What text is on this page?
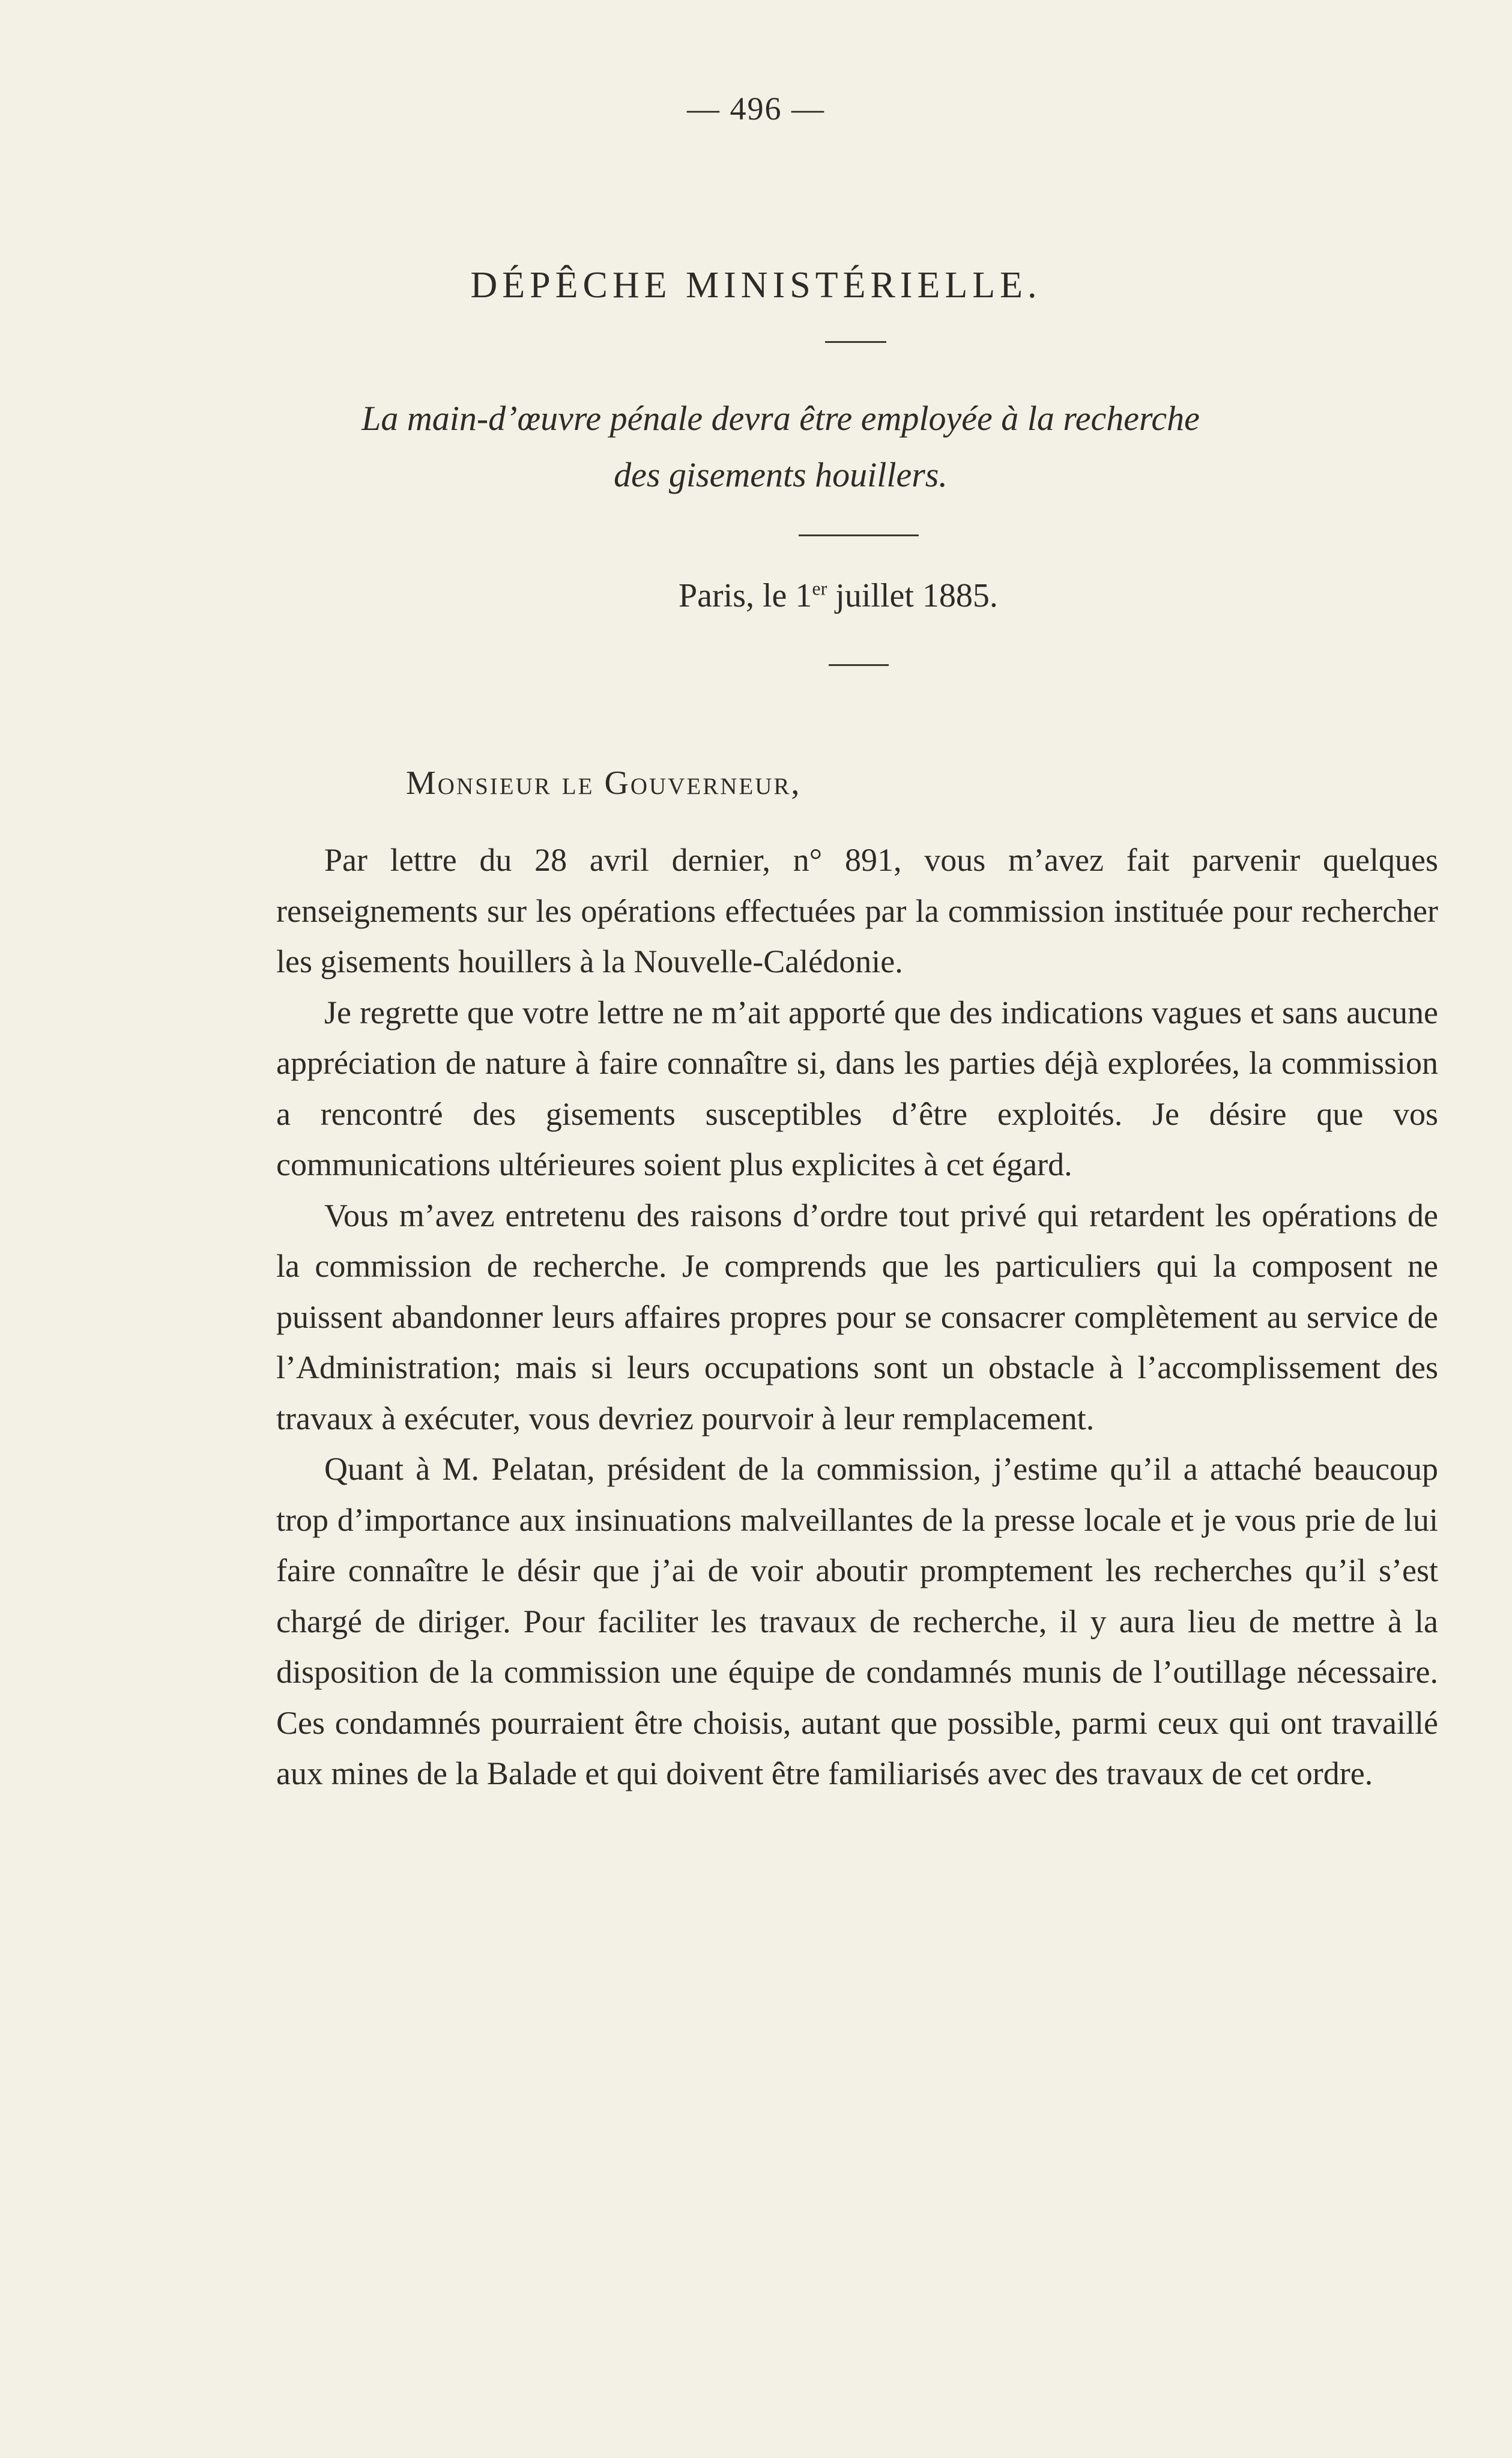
— 496 —
DÉPÊCHE MINISTÉRIELLE.
La main-d’œuvre pénale devra être employée à la recherche
des gisements houillers.
Paris, le 1er juillet 1885.
Monsieur le Gouverneur,

Par lettre du 28 avril dernier, n° 891, vous m’avez fait parvenir quelques renseignements sur les opérations effectuées par la commission instituée pour rechercher les gisements houillers à la Nouvelle-Calédonie.

Je regrette que votre lettre ne m’ait apporté que des indications vagues et sans aucune appréciation de nature à faire connaître si, dans les parties déjà explorées, la commission a rencontré des gisements susceptibles d’être exploités. Je désire que vos communications ultérieures soient plus explicites à cet égard.

Vous m’avez entretenu des raisons d’ordre tout privé qui retardent les opérations de la commission de recherche. Je comprends que les particuliers qui la composent ne puissent abandonner leurs affaires propres pour se consacrer complètement au service de l’Administration; mais si leurs occupations sont un obstacle à l’accomplissement des travaux à exécuter, vous devriez pourvoir à leur remplacement.

Quant à M. Pelatan, président de la commission, j’estime qu’il a attaché beaucoup trop d’importance aux insinuations malveillantes de la presse locale et je vous prie de lui faire connaître le désir que j’ai de voir aboutir promptement les recherches qu’il s’est chargé de diriger. Pour faciliter les travaux de recherche, il y aura lieu de mettre à la disposition de la commission une équipe de condamnés munis de l’outillage nécessaire. Ces condamnés pourraient être choisis, autant que possible, parmi ceux qui ont travaillé aux mines de la Balade et qui doivent être familiarisés avec des travaux de cet ordre.
